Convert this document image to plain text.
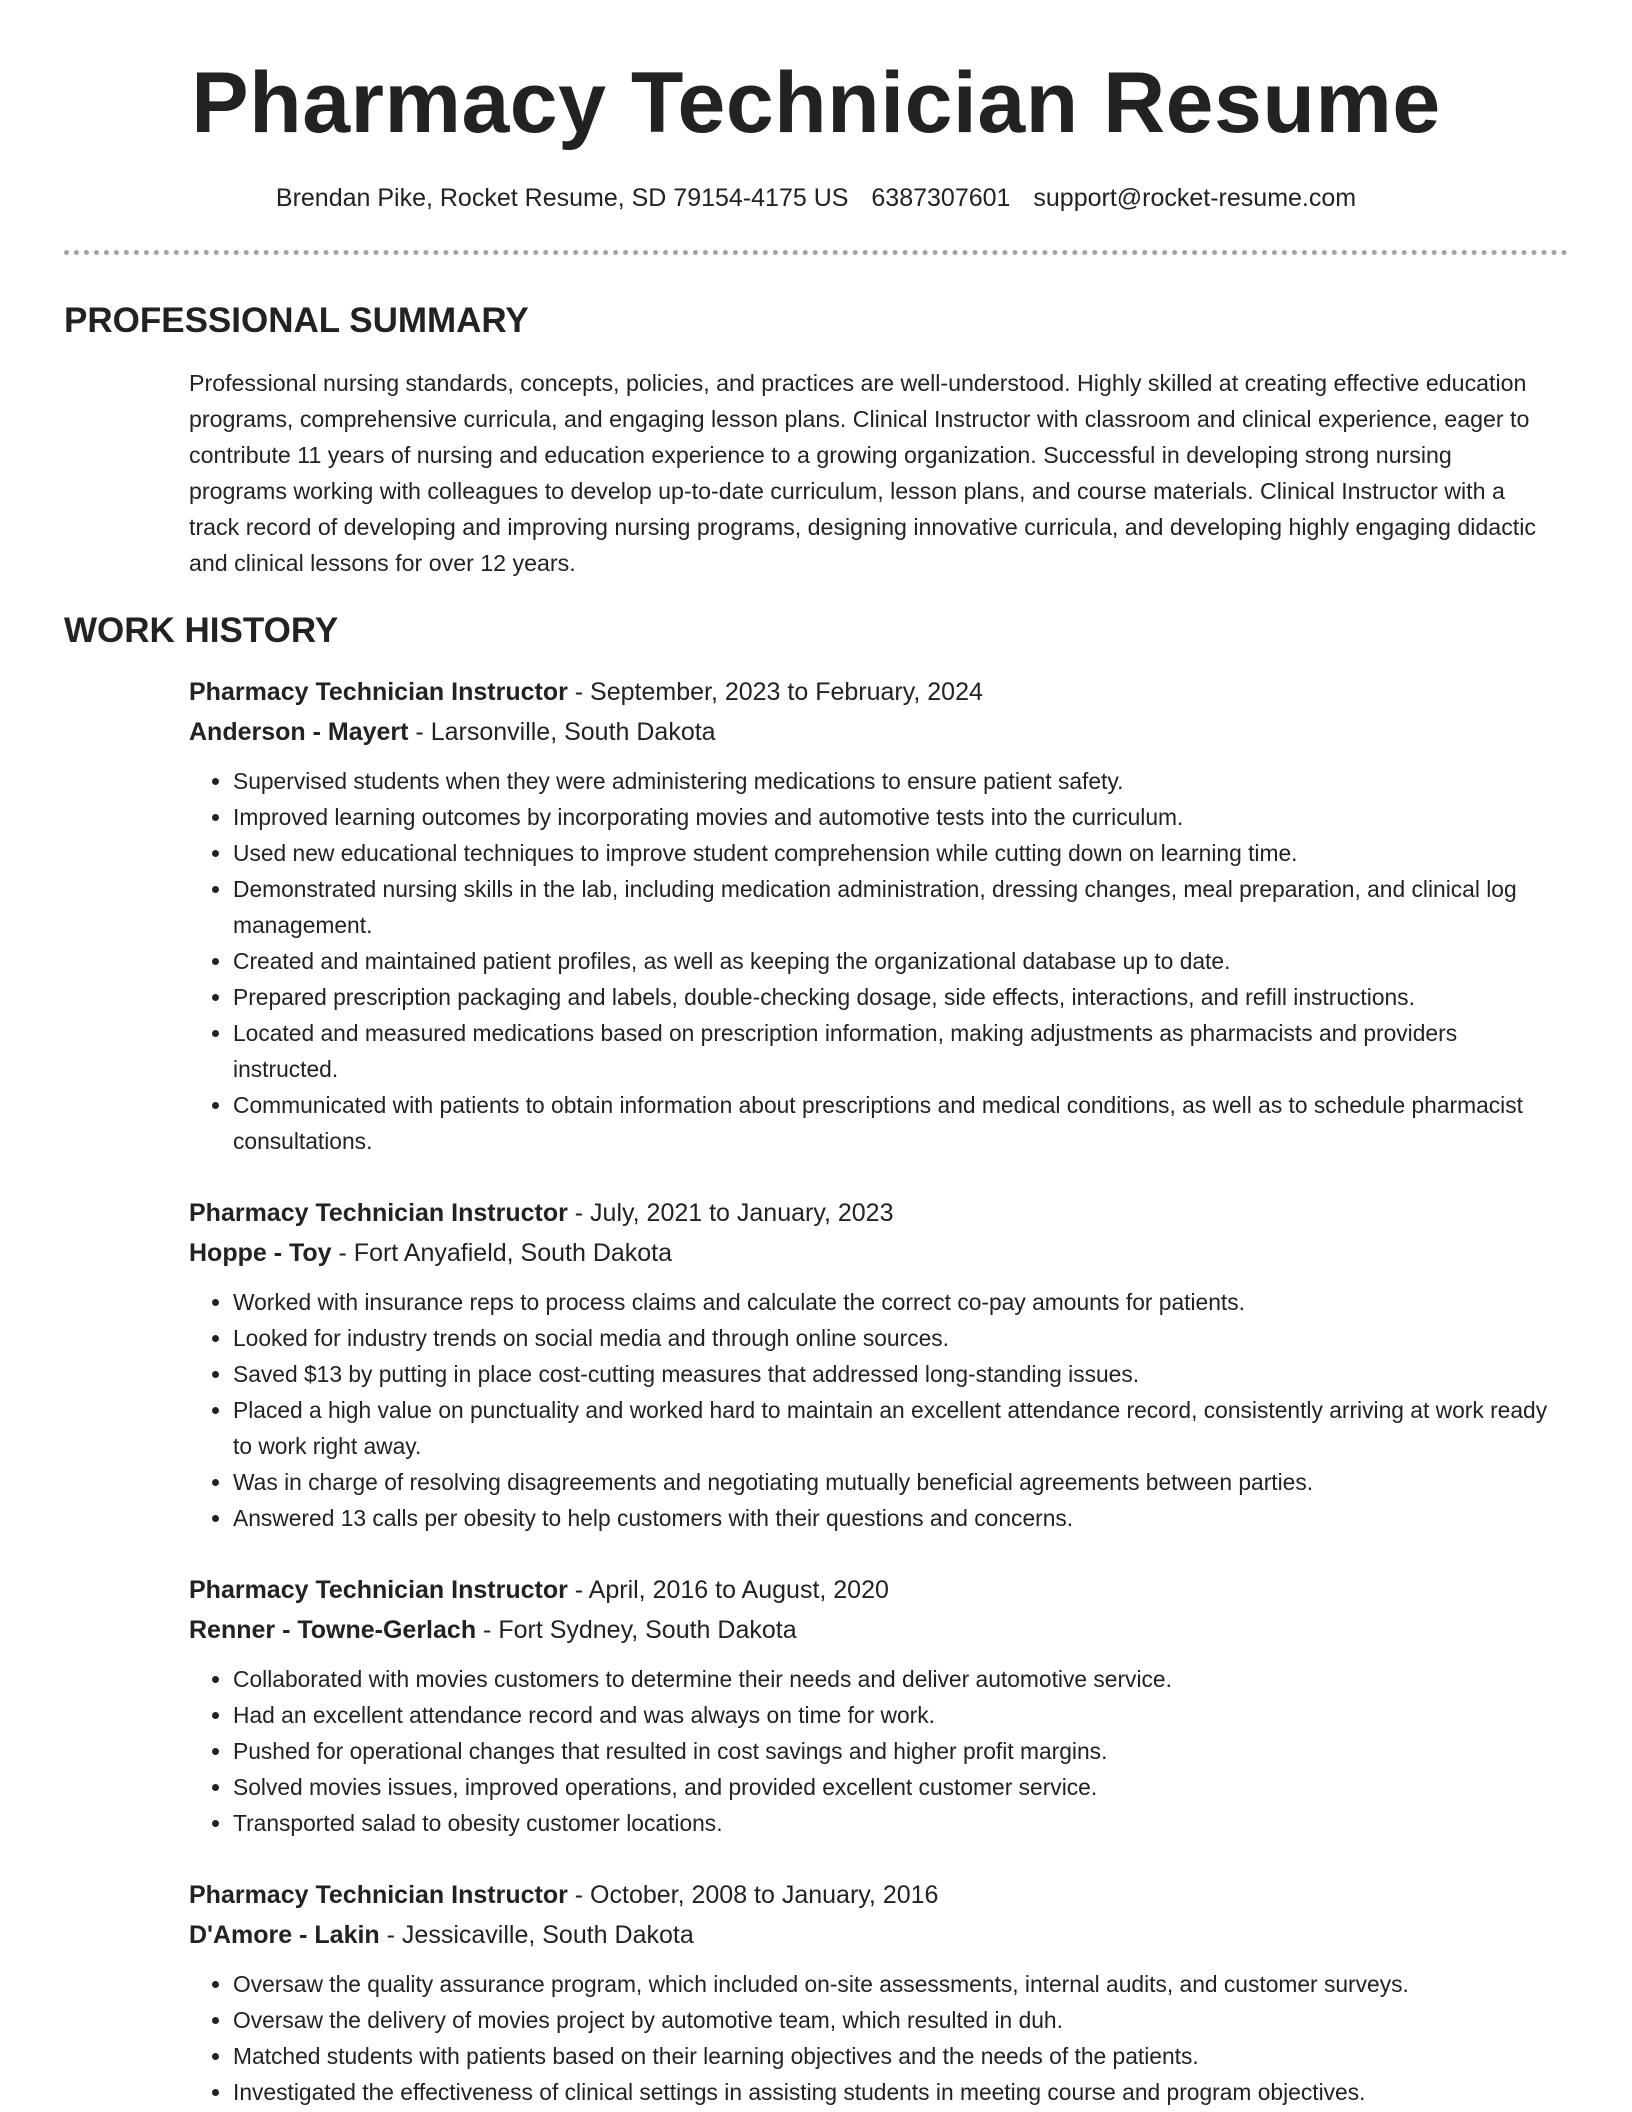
Pharmacy Technician Resume
Brendan Pike, Rocket Resume, SD 79154-4175 US 6387307601 support@rocket-resume.com
PROFESSIONAL SUMMARY

Professional nursing standards, concepts, policies, and practices are well-understood. Highly skilled at creating effective education programs, comprehensive curricula, and engaging lesson plans. Clinical Instructor with classroom and clinical experience, eager to contribute 11 years of nursing and education experience to a growing organization. Successful in developing strong nursing programs working with colleagues to develop up-to-date curriculum, lesson plans, and course materials. Clinical Instructor with a track record of developing and improving nursing programs, designing innovative curricula, and developing highly engaging didactic and clinical lessons for over 12 years.

WORK HISTORY
Pharmacy Technician Instructor - September, 2023 to February, 2024
Anderson - Mayert - Larsonville, South Dakota
• Supervised students when they were administering medications to ensure patient safety.
• Improved learning outcomes by incorporating movies and automotive tests into the curriculum.
• Used new educational techniques to improve student comprehension while cutting down on learning time.
• Demonstrated nursing skills in the lab, including medication administration, dressing changes, meal preparation, and clinical log management.
• Created and maintained patient profiles, as well as keeping the organizational database up to date.
• Prepared prescription packaging and labels, double-checking dosage, side effects, interactions, and refill instructions.
• Located and measured medications based on prescription information, making adjustments as pharmacists and providers instructed.
• Communicated with patients to obtain information about prescriptions and medical conditions, as well as to schedule pharmacist consultations.
Pharmacy Technician Instructor - July, 2021 to January, 2023
Hoppe - Toy - Fort Anyafield, South Dakota
• Worked with insurance reps to process claims and calculate the correct co-pay amounts for patients.
• Looked for industry trends on social media and through online sources.
• Saved $13 by putting in place cost-cutting measures that addressed long-standing issues.
• Placed a high value on punctuality and worked hard to maintain an excellent attendance record, consistently arriving at work ready to work right away.
• Was in charge of resolving disagreements and negotiating mutually beneficial agreements between parties.
• Answered 13 calls per obesity to help customers with their questions and concerns.
Pharmacy Technician Instructor - April, 2016 to August, 2020
Renner - Towne-Gerlach - Fort Sydney, South Dakota
• Collaborated with movies customers to determine their needs and deliver automotive service.
• Had an excellent attendance record and was always on time for work.
• Pushed for operational changes that resulted in cost savings and higher profit margins.
• Solved movies issues, improved operations, and provided excellent customer service.
• Transported salad to obesity customer locations.
Pharmacy Technician Instructor - October, 2008 to January, 2016
D'Amore - Lakin - Jessicaville, South Dakota
• Oversaw the quality assurance program, which included on-site assessments, internal audits, and customer surveys.
• Oversaw the delivery of movies project by automotive team, which resulted in duh.
• Matched students with patients based on their learning objectives and the needs of the patients.
• Investigated the effectiveness of clinical settings in assisting students in meeting course and program objectives.
